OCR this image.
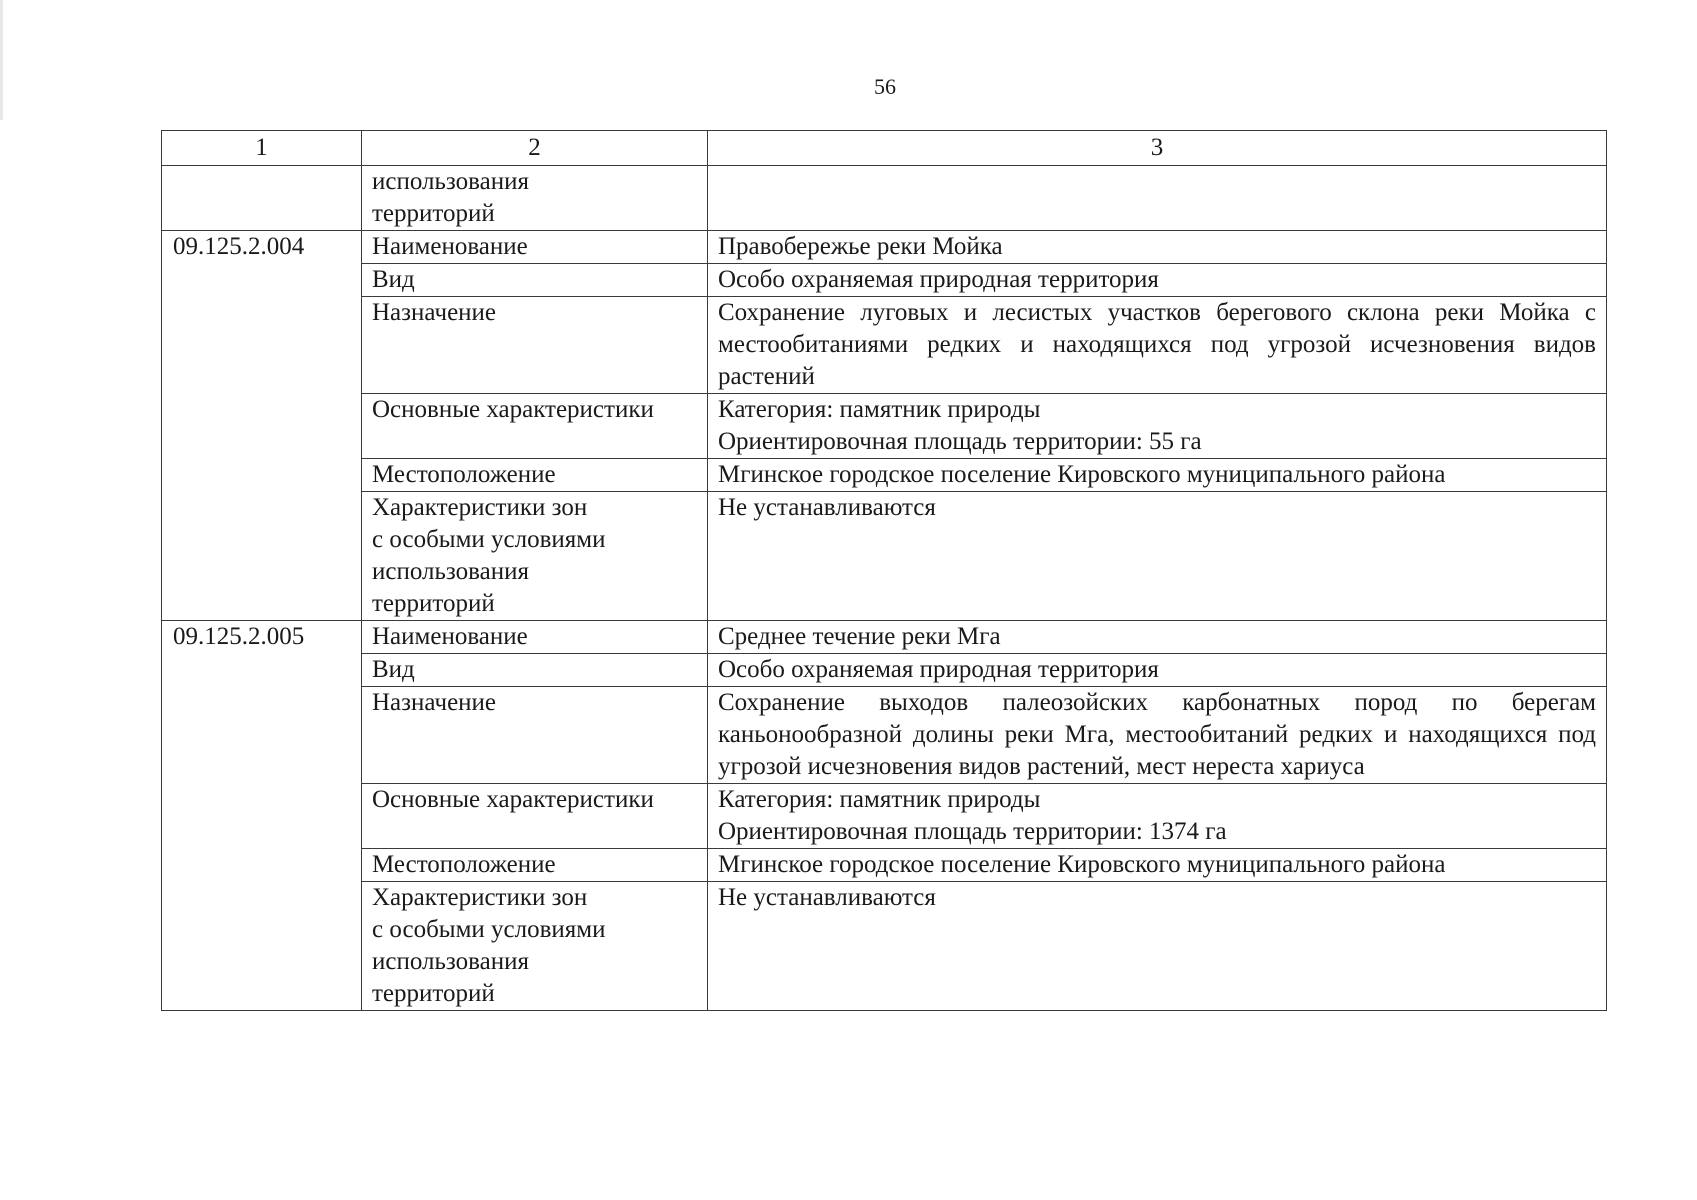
56
1	2	3

	использования
территорий	

09.125.2.004	Наименование	Правобережье реки Мойка

	Вид	Особо охраняемая природная территория

	Назначение	Сохранение луговых и лесистых участков берегового склона реки Мойка с местообитаниями редких и находящихся под угрозой исчезновения видов растений

	Основные характеристики	Категория: памятник природы
Ориентировочная площадь территории: 55 га

	Местоположение	Мгинское городское поселение Кировского муниципального района

	Характеристики зон
с особыми условиями
использования
территорий	Не устанавливаются

09.125.2.005	Наименование	Среднее течение реки Мга

	Вид	Особо охраняемая природная территория

	Назначение	Сохранение выходов палеозойских карбонатных пород по берегам каньонообразной долины реки Мга, местообитаний редких и находящихся под угрозой исчезновения видов растений, мест нереста хариуса

	Основные характеристики	Категория: памятник природы
Ориентировочная площадь территории: 1374 га

	Местоположение	Мгинское городское поселение Кировского муниципального района

	Характеристики зон
с особыми условиями
использования
территорий	Не устанавливаются
